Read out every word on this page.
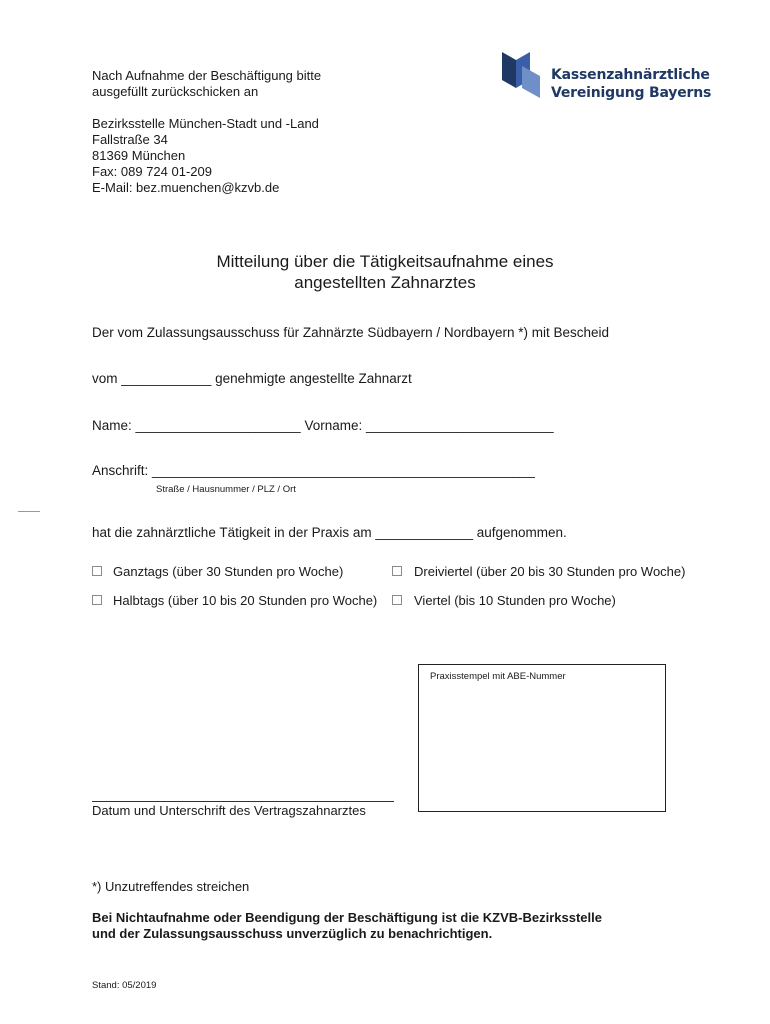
Nach Aufnahme der Beschäftigung bitte
ausgefüllt zurückschicken an
Bezirksstelle München-Stadt und -Land
Fallstraße 34
81369 München
Fax: 089 724 01-209
E-Mail: bez.muenchen@kzvb.de
Kassenzahnärztliche
Vereinigung Bayerns
Mitteilung über die Tätigkeitsaufnahme eines
angestellten Zahnarztes
Der vom Zulassungsausschuss für Zahnärzte Südbayern / Nordbayern *) mit Bescheid
vom ____________ genehmigte angestellte Zahnarzt
Name: ______________________ Vorname: _________________________
Anschrift: ___________________________________________________
Straße / Hausnummer / PLZ / Ort
hat die zahnärztliche Tätigkeit in der Praxis am _____________ aufgenommen.
Ganztags (über 30 Stunden pro Woche)	Dreiviertel (über 20 bis 30 Stunden pro Woche)
Halbtags (über 10 bis 20 Stunden pro Woche)	Viertel (bis 10 Stunden pro Woche)
Praxisstempel mit ABE-Nummer
Datum und Unterschrift des Vertragszahnarztes
*) Unzutreffendes streichen
Bei Nichtaufnahme oder Beendigung der Beschäftigung ist die KZVB-Bezirksstelle
und der Zulassungsausschuss unverzüglich zu benachrichtigen.
Stand: 05/2019
